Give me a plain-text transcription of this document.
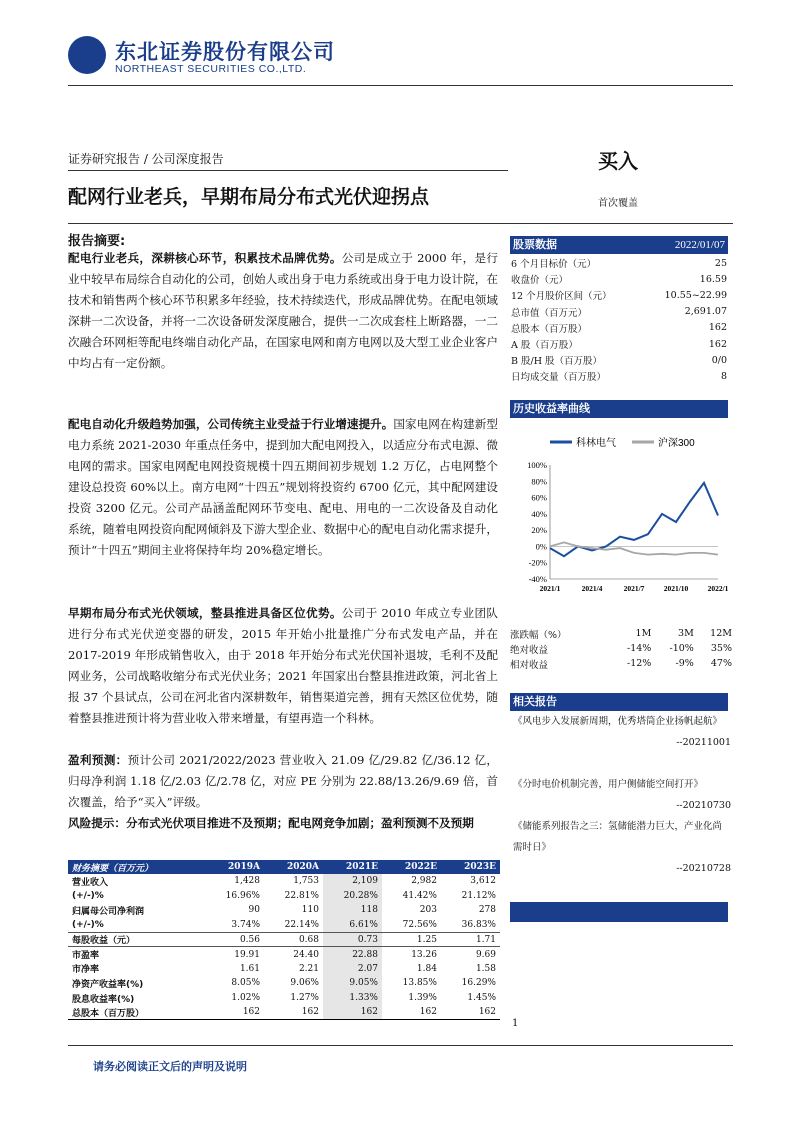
东北证券股份有限公司
NORTHEAST SECURITIES CO.,LTD.
证券研究报告 / 公司深度报告	买入
配网行业老兵，早期布局分布式光伏迎拐点	首次覆盖
报告摘要:
配电行业老兵，深耕核心环节，积累技术品牌优势。公司是成立于 2000 年，是行业中较早布局综合自动化的公司，创始人或出身于电力系统或出身于电力设计院，在技术和销售两个核心环节积累多年经验，技术持续迭代，形成品牌优势。在配电领域深耕一二次设备，并将一二次设备研发深度融合，提供一二次成套柱上断路器，一二次融合环网柜等配电终端自动化产品，在国家电网和南方电网以及大型工业企业客户中均占有一定份额。
配电自动化升级趋势加强，公司传统主业受益于行业增速提升。国家电网在构建新型电力系统 2021-2030 年重点任务中，提到加大配电网投入，以适应分布式电源、微电网的需求。国家电网配电网投资规模十四五期间初步规划 1.2 万亿，占电网整个建设总投资 60%以上。南方电网“十四五”规划将投资约 6700 亿元，其中配网建设投资 3200 亿元。公司产品涵盖配网环节变电、配电、用电的一二次设备及自动化系统，随着电网投资向配网倾斜及下游大型企业、数据中心的配电自动化需求提升，预计“十四五”期间主业将保持年均 20%稳定增长。
早期布局分布式光伏领域，整县推进具备区位优势。公司于 2010 年成立专业团队进行分布式光伏逆变器的研发，2015 年开始小批量推广分布式发电产品，并在 2017-2019 年形成销售收入，由于 2018 年开始分布式光伏国补退坡，毛利不及配网业务，公司战略收缩分布式光伏业务；2021 年国家出台整县推进政策，河北省上报 37 个县试点，公司在河北省内深耕数年，销售渠道完善，拥有天然区位优势，随着整县推进预计将为营业收入带来增量，有望再造一个科林。
盈利预测：预计公司 2021/2022/2023 营业收入 21.09 亿/29.82 亿/36.12 亿，归母净利润 1.18 亿/2.03 亿/2.78 亿，对应 PE 分别为 22.88/13.26/9.69 倍，首次覆盖，给予“买入”评级。
风险提示：分布式光伏项目推进不及预期；配电网竞争加剧；盈利预测不及预期
股票数据	2022/01/07
6 个月目标价（元）	25
收盘价（元）	16.59
12 个月股价区间（元）	10.55~22.99
总市值（百万元）	2,691.07
总股本（百万股）	162
A 股（百万股）	162
B 股/H 股（百万股）	0/0
日均成交量（百万股）	8
历史收益率曲线
科林电气	沪深300
100%
80%
60%
40%
20%
0%
-20%
-40%
2021/1	2021/4	2021/7	2021/10	2022/1
涨跌幅（%）	1M	3M	12M
绝对收益	-14%	-10%	35%
相对收益	-12%	-9%	47%
相关报告
《风电步入发展新周期，优秀塔筒企业扬帆起航》
--20211001
《分时电价机制完善，用户侧储能空间打开》
--20210730
《储能系列报告之三：氢储能潜力巨大，产业化尚需时日》
--20210728
财务摘要（百万元）	2019A	2020A	2021E	2022E	2023E
营业收入	1,428	1,753	2,109	2,982	3,612
(+/-)%	16.96%	22.81%	20.28%	41.42%	21.12%
归属母公司净利润	90	110	118	203	278
(+/-)%	3.74%	22.14%	6.61%	72.56%	36.83%
每股收益（元）	0.56	0.68	0.73	1.25	1.71
市盈率	19.91	24.40	22.88	13.26	9.69
市净率	1.61	2.21	2.07	1.84	1.58
净资产收益率(%)	8.05%	9.06%	9.05%	13.85%	16.29%
股息收益率(%)	1.02%	1.27%	1.33%	1.39%	1.45%
总股本（百万股）	162	162	162	162	162
1
请务必阅读正文后的声明及说明
